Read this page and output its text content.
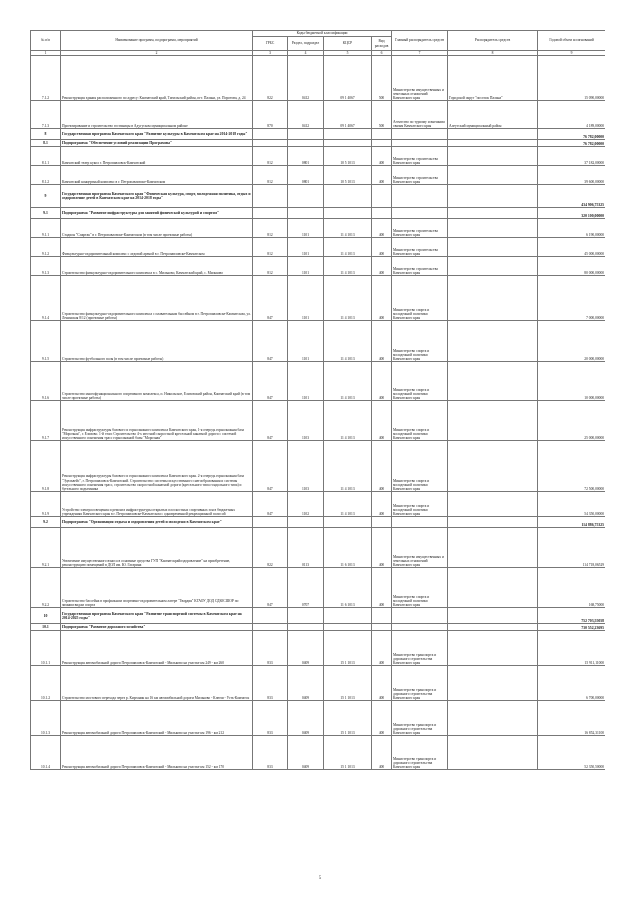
№ п/п	Наименование программ, подпрограмм, мероприятий	Коды бюджетной классификации				Главный распорядитель средств	Распорядитель средств	Годовой объем ассигнований
		ГРБС	Раздел, подраздел	КЦСР	Вид расходов			
1	2	3	4	5	6	7	8	9
7.1.2	Реконструкция здания расположенного по адресу: Камчатский край, Тигильский район, пгт. Палана, ул. Поротова, д. 24	822	0412	09 1 4067	500	Министерство имущественных и земельных отношений Камчатского края	Городской округ "поселок Палана"	15 090,00000
7.1.3	Проектирование и строительство гостиницы в Адугуском муниципальном районе	870	0412	09 1 4067	500	Агентство по туризму и внешним связям Камчатского края	Алеутский муниципальный район	4 189,00000
8	Государственная программа Камчатского края "Развитие культуры в Камчатском крае на 2014-2018 годы"							76 782,00000
8.1	Подпрограмма "Обеспечение условий реализации Программы"							76 782,00000
8.1.1	Камчатский театр кукол г. Петропавловск-Камчатский	812	0801	10 5 1013	400	Министерство строительства Камчатского края		37 182,00000
8.1.2	Камчатский концертный комплекс в г. Петропавловске-Камчатском	812	0801	10 5 1013	400	Министерство строительства Камчатского края		39 600,00000
9	Государственная программа Камчатского края "Физическая культура, спорт, молодежная политика, отдых и оздоровление детей в Камчатском крае на 2014-2018 годы"							434 906,75325
9.1	Подпрограмма "Развитие инфраструктуры для занятий физической культурой и спортом"							320 100,00000
9.1.1	Стадион "Спартак" в г. Петропавловске-Камчатском (в том числе проектные работы)	812	1101	11 4 1013	400	Министерство строительства Камчатского края		6 190,00000
9.1.2	Физкультурно-оздоровительный комплекс с ледовой ареной в г. Петропавловске-Камчатском	812	1101	11 4 1013	400	Министерство строительства Камчатского края		45 000,00000
9.1.3	Строительство физкультурно-оздоровительного комплекса в с. Мильково, Камчатский край, с. Мильково	812	1101	11 4 1013	400	Министерство строительства Камчатского края		80 000,00000
9.1.4	Строительство физкультурно-оздоровительного комплекса с плавательным бассейном в г. Петропавловске-Камчатском, ул. Ленинская 8/12 (проектные работы)	847	1101	11 4 1013	400	Министерство спорта и молодежной политики Камчатского края		7 000,00000
9.1.5	Строительство футбольного поля (в том числе проектные работы)	847	1101	11 4 1013	400	Министерство спорта и молодежной политики Камчатского края		20 000,00000
9.1.6	Строительство многофункционального спортивного комплекса, п. Никольское, Елизовский район, Камчатский край (в том числе проектные работы)	847	1101	11 4 1013	400	Министерство спорта и молодежной политики Камчатского края		10 000,00000
9.1.7	Реконструкция инфраструктуры базового и горнолыжного комплекса Камчатского края, 1-я очередь горнолыжная база "Морозная", г. Елизово. 1-й этап: Строительство 4-х местной скоростной кресельной канатной дороги с системой искусственного оснежения трасс горнолыжной базы "Морозная"	847	1103	11 4 1013	400	Министерство спорта и молодежной политики Камчатского края		25 000,00000
9.1.8	Реконструкция инфраструктуры базового и горнолыжного комплекса Камчатского края. 2-я очередь горнолыжная база "Эдельвейс", г. Петропавловск-Камчатский. Строительство: системы искусственного снегообразования и системы искусственного оснежения трасс, строительство скоростной канатной дороги (кресельного типа гондольного типа) и бугельного подъемника	847	1103	11 4 1013	400	Министерство спорта и молодежной политики Камчатского края		72 500,00000
9.1.9	Устройство электроосвещения и ремонта инфраструктуры открытых плоскостных спортивных зон в бюджетных учреждениях Камчатского края в г. Петропавловске-Камчатском с одновременной рекреационной полосой	847	1102	11 4 1013	400	Министерство спорта и молодежной политики Камчатского края		54 350,00000
9.2	Подпрограмма "Организация отдыха и оздоровления детей и молодежи в Камчатском крае"							114 886,75325
9.2.1	Увеличение имущественного взноса в основные средства ГУП "Камчатскрайоздоровление" на приобретение, реконструкцию помещений в ДОЛ им. Ю. Гагарина	822	0113	11 6 1013	400	Министерство имущественных и земельных отношений Камчатского края		114 718,06529
9.2.2	Строительство бассейна в профильном спортивно-оздоровительном лагере "Гвардия" КГАОУ ДОД СДЮСШОР по зимним видам спорта	847	0707	11 6 1013	400	Министерство спорта и молодежной политики Камчатского края		168,75000
10	Государственная программа Камчатского края "Развитие транспортной системы в Камчатском крае на 2014-2025 годы"							752 703,55058
10.1	Подпрограмма "Развитие дорожного хозяйства"							730 552,23695
10.1.1	Реконструкция автомобильной дороги Петропавловск-Камчатский - Мильково на участке км 249 - км 260	833	0409	15 1 1013	400	Министерство транспорта и дорожного строительства Камчатского края		15 911,11000
10.1.2	Строительство мостового перехода через р. Кирганик на 16 км автомобильной дороги Мильково - Ключи - Усть-Камчатск	833	0409	15 1 1013	400	Министерство транспорта и дорожного строительства Камчатского края		6 700,00000
10.1.3	Реконструкция автомобильной дороги Петропавловск-Камчатский - Мильково на участке км 196 - км 212	833	0409	15 1 1013	400	Министерство транспорта и дорожного строительства Камчатского края		16 852,31100
10.1.4	Реконструкция автомобильной дороги Петропавловск-Камчатский - Мильково на участке км 152 - км 170	833	0409	15 1 1013	400	Министерство транспорта и дорожного строительства Камчатского края		52 350,50000
5
